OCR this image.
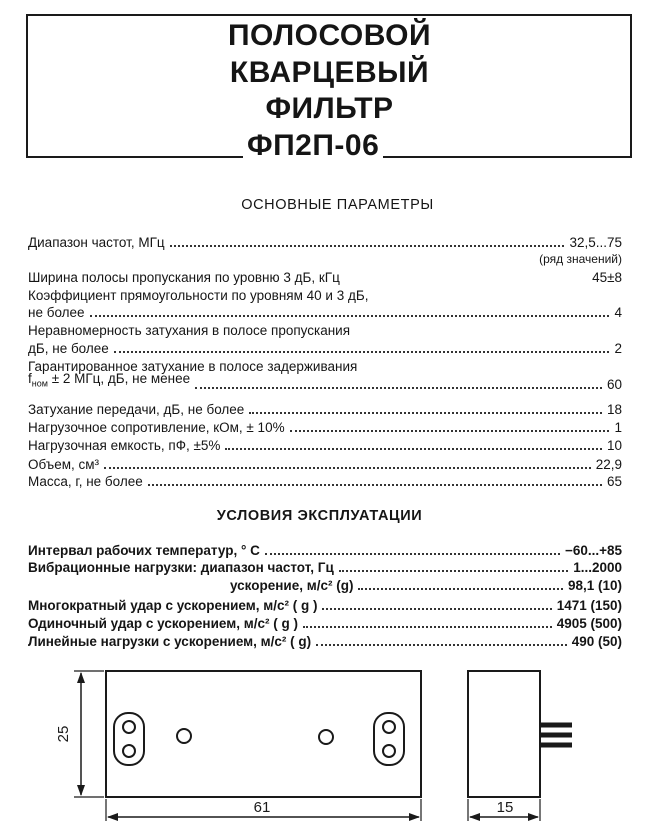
ПОЛОСОВОЙ
КВАРЦЕВЫЙ
ФИЛЬТР
ФП2П-06
ОСНОВНЫЕ ПАРАМЕТРЫ
Диапазон частот, МГц	32,5...75
(ряд значений)
Ширина полосы пропускания по уровню 3 дБ, кГц	45±8
Коэффициент прямоугольности по уровням 40 и 3 дБ,
не более	4
Неравномерность затухания в полосе пропускания
дБ, не более	2
Гарантированное затухание в полосе задерживания
$f_{ном} \pm 2$ МГц, дБ, не менее	60
Затухание передачи, дБ, не более	18
Нагрузочное сопротивление, кОм, ± 10%	1
Нагрузочная емкость, пФ, ±5%	10
Объем, см³	22,9
Масса, г, не более	65
УСЛОВИЯ ЭКСПЛУАТАЦИИ
Интервал рабочих температур, ° С	−60...+85
Вибрационные нагрузки: диапазон частот, Гц	1...2000
ускорение, м/с² (g)	98,1 (10)
Многократный удар с ускорением, м/с² ( g )	1471 (150)
Одиночный удар с ускорением, м/с² ( g )	4905 (500)
Линейные нагрузки с ускорением, м/с² ( g)	490 (50)
25
61	15
